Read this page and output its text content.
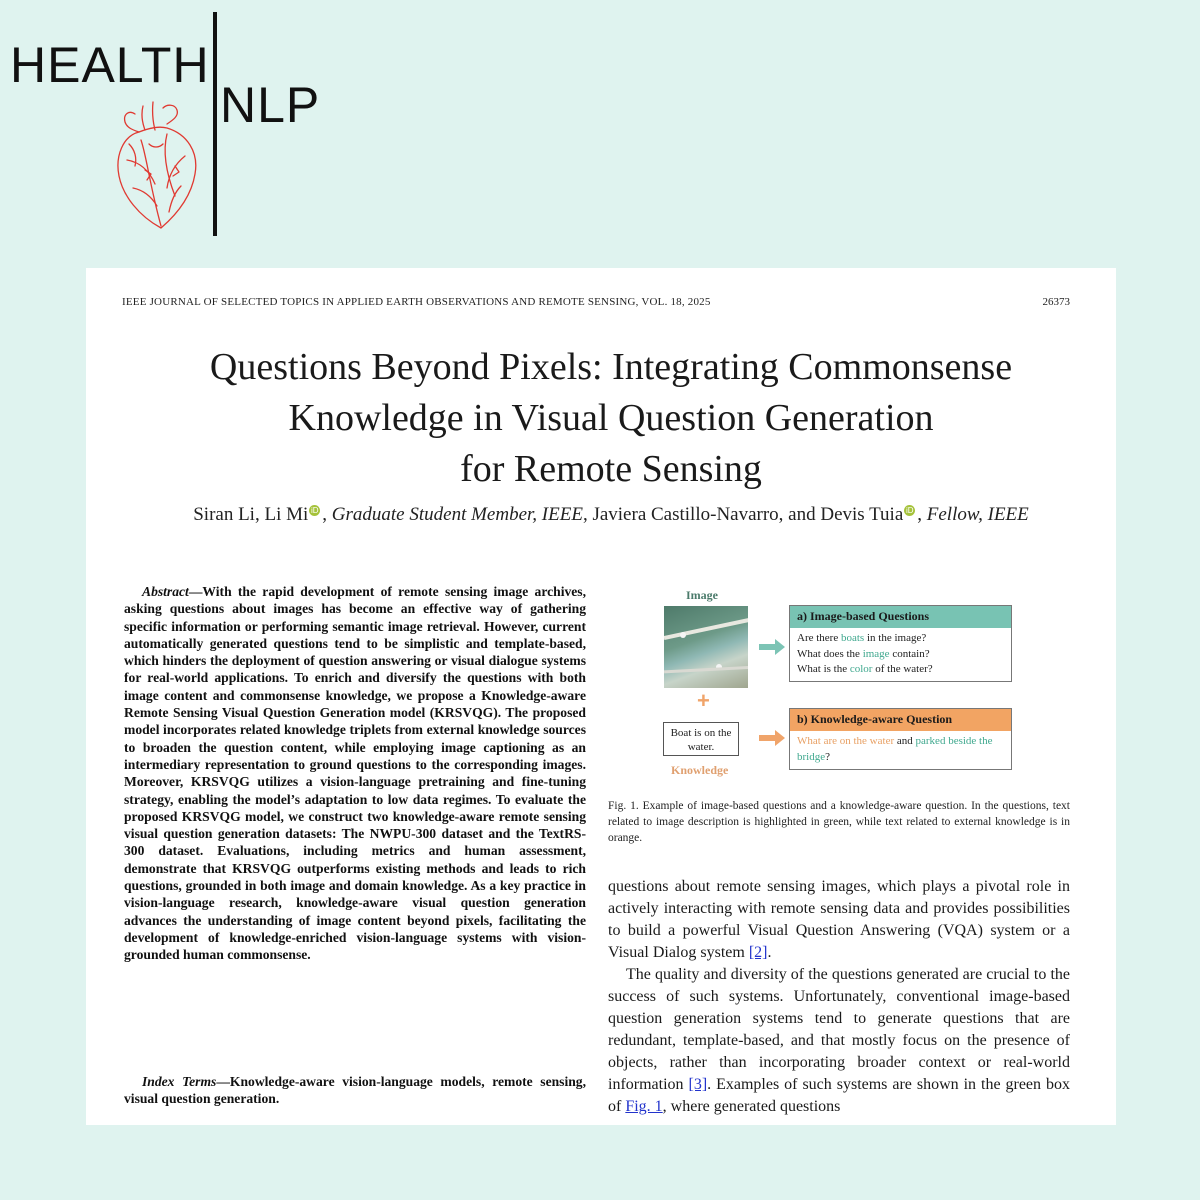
HEALTH
NLP
IEEE JOURNAL OF SELECTED TOPICS IN APPLIED EARTH OBSERVATIONS AND REMOTE SENSING, VOL. 18, 2025	26373
Questions Beyond Pixels: Integrating Commonsense
Knowledge in Visual Question Generation
for Remote Sensing
Siran Li, Li Mi iD , Graduate Student Member, IEEE, Javiera Castillo-Navarro, and Devis Tuia iD , Fellow, IEEE

Abstract—With the rapid development of remote sensing image archives, asking questions about images has become an effective way of gathering specific information or performing semantic image retrieval. However, current automatically generated questions tend to be simplistic and template-based, which hinders the deployment of question answering or visual dialogue systems for real-world applications. To enrich and diversify the questions with both image content and commonsense knowledge, we propose a Knowledge-aware Remote Sensing Visual Question Generation model (KRSVQG). The proposed model incorporates related knowledge triplets from external knowledge sources to broaden the question content, while employing image captioning as an intermediary representation to ground questions to the corresponding images. Moreover, KRSVQG utilizes a vision-language pretraining and fine-tuning strategy, enabling the model’s adaptation to low data regimes. To evaluate the proposed KRSVQG model, we construct two knowledge-aware remote sensing visual question generation datasets: The NWPU-300 dataset and the TextRS-300 dataset. Evaluations, including metrics and human assessment, demonstrate that KRSVQG outperforms existing methods and leads to rich questions, grounded in both image and domain knowledge. As a key practice in vision-language research, knowledge-aware visual question generation advances the understanding of image content beyond pixels, facilitating the development of knowledge-enriched vision-language systems with vision-grounded human commonsense.

Index Terms—Knowledge-aware vision-language models, remote sensing, visual question generation.

Image
+
Boat is on the water.
Knowledge
a) Image-based Questions
Are there boats in the image?
What does the image contain?
What is the color of the water?
b) Knowledge-aware Question
What are on the water and parked beside the bridge?

Fig. 1. Example of image-based questions and a knowledge-aware question. In the questions, text related to image description is highlighted in green, while text related to external knowledge is in orange.

questions about remote sensing images, which plays a pivotal role in actively interacting with remote sensing data and provides possibilities to build a powerful Visual Question Answering (VQA) system or a Visual Dialog system [2].

The quality and diversity of the questions generated are crucial to the success of such systems. Unfortunately, conventional image-based question generation systems tend to generate questions that are redundant, template-based, and that mostly focus on the presence of objects, rather than incorporating broader context or real-world information [3]. Examples of such systems are shown in the green box of Fig. 1, where generated questions
